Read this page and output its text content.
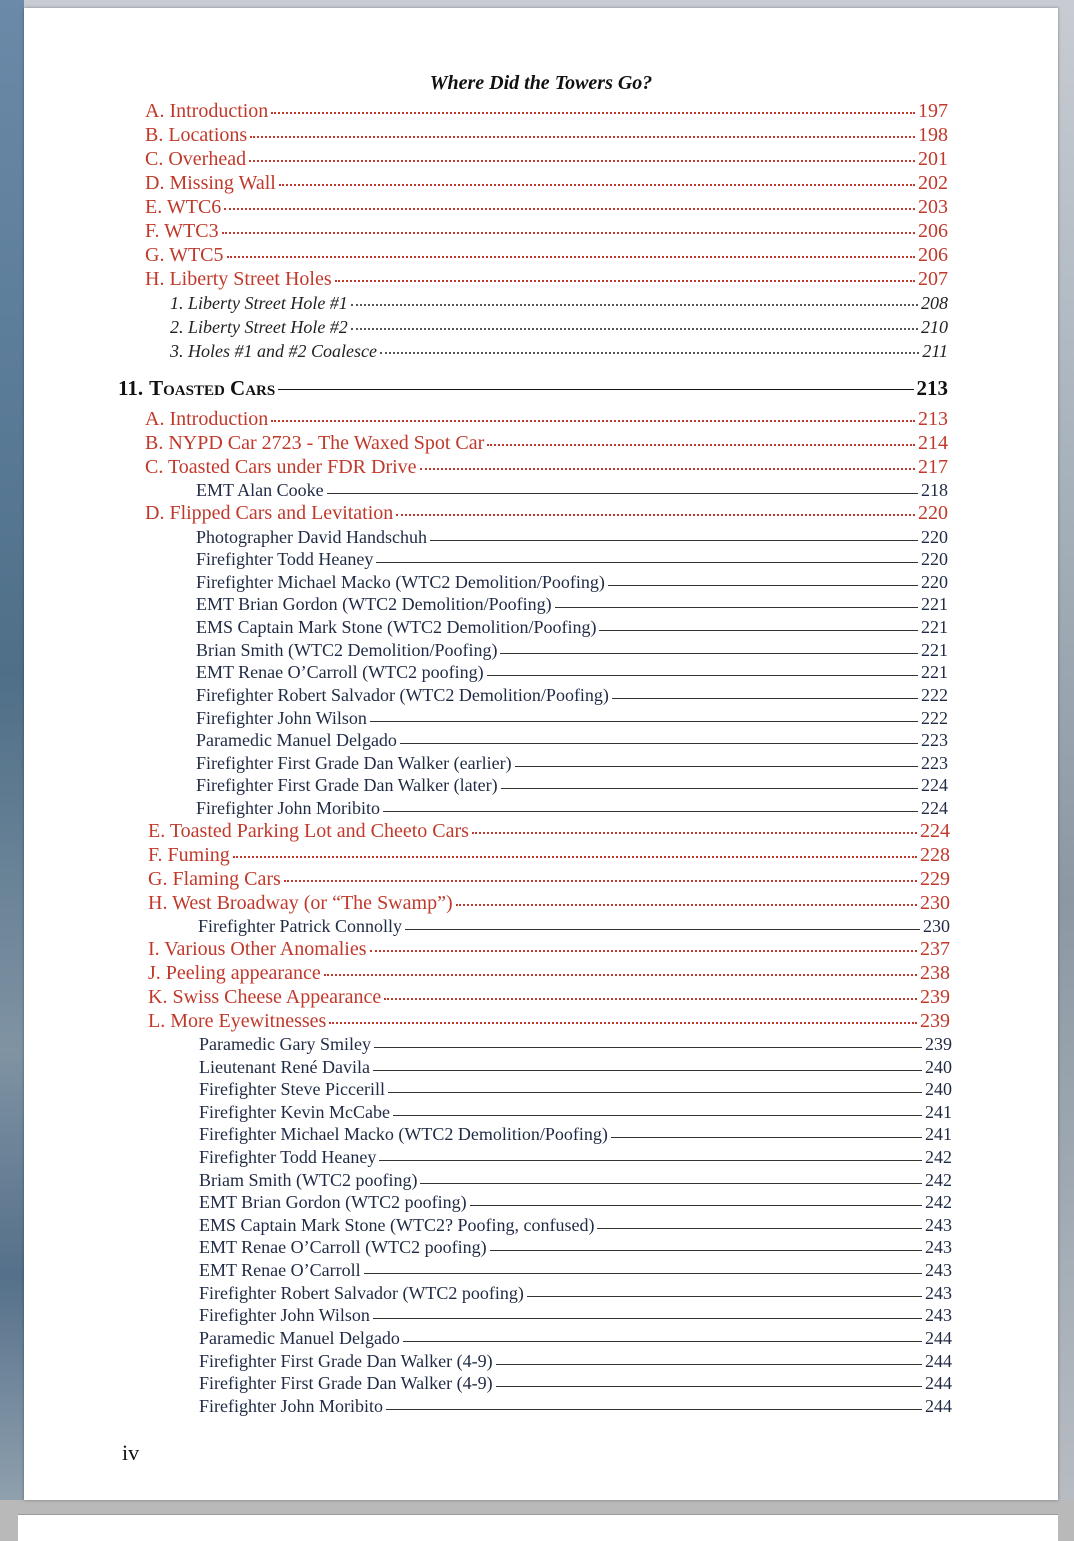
Where Did the Towers Go?
A. Introduction	197
B. Locations	198
C. Overhead	201
D. Missing Wall	202
E. WTC6	203
F. WTC3	206
G. WTC5	206
H. Liberty Street Holes	207
1. Liberty Street Hole #1	208
2. Liberty Street Hole #2	210
3. Holes #1 and #2 Coalesce	211
11. Toasted Cars	213
A. Introduction	213
B. NYPD Car 2723 - The Waxed Spot Car	214
C. Toasted Cars under FDR Drive	217
EMT Alan Cooke	218
D. Flipped Cars and Levitation	220
Photographer David Handschuh	220
Firefighter Todd Heaney	220
Firefighter Michael Macko (WTC2 Demolition/Poofing)	220
EMT Brian Gordon (WTC2 Demolition/Poofing)	221
EMS Captain Mark Stone (WTC2 Demolition/Poofing)	221
Brian Smith (WTC2 Demolition/Poofing)	221
EMT Renae O’Carroll (WTC2 poofing)	221
Firefighter Robert Salvador (WTC2 Demolition/Poofing)	222
Firefighter John Wilson	222
Paramedic Manuel Delgado	223
Firefighter First Grade Dan Walker (earlier)	223
Firefighter First Grade Dan Walker (later)	224
Firefighter John Moribito	224
E. Toasted Parking Lot and Cheeto Cars	224
F. Fuming	228
G. Flaming Cars	229
H. West Broadway (or “The Swamp”)	230
Firefighter Patrick Connolly	230
I. Various Other Anomalies	237
J. Peeling appearance	238
K. Swiss Cheese Appearance	239
L. More Eyewitnesses	239
Paramedic Gary Smiley	239
Lieutenant René Davila	240
Firefighter Steve Piccerill	240
Firefighter Kevin McCabe	241
Firefighter Michael Macko (WTC2 Demolition/Poofing)	241
Firefighter Todd Heaney	242
Briam Smith (WTC2 poofing)	242
EMT Brian Gordon (WTC2 poofing)	242
EMS Captain Mark Stone (WTC2? Poofing, confused)	243
EMT Renae O’Carroll (WTC2 poofing)	243
EMT Renae O’Carroll	243
Firefighter Robert Salvador (WTC2 poofing)	243
Firefighter John Wilson	243
Paramedic Manuel Delgado	244
Firefighter First Grade Dan Walker (4-9)	244
Firefighter First Grade Dan Walker (4-9)	244
Firefighter John Moribito	244
iv
